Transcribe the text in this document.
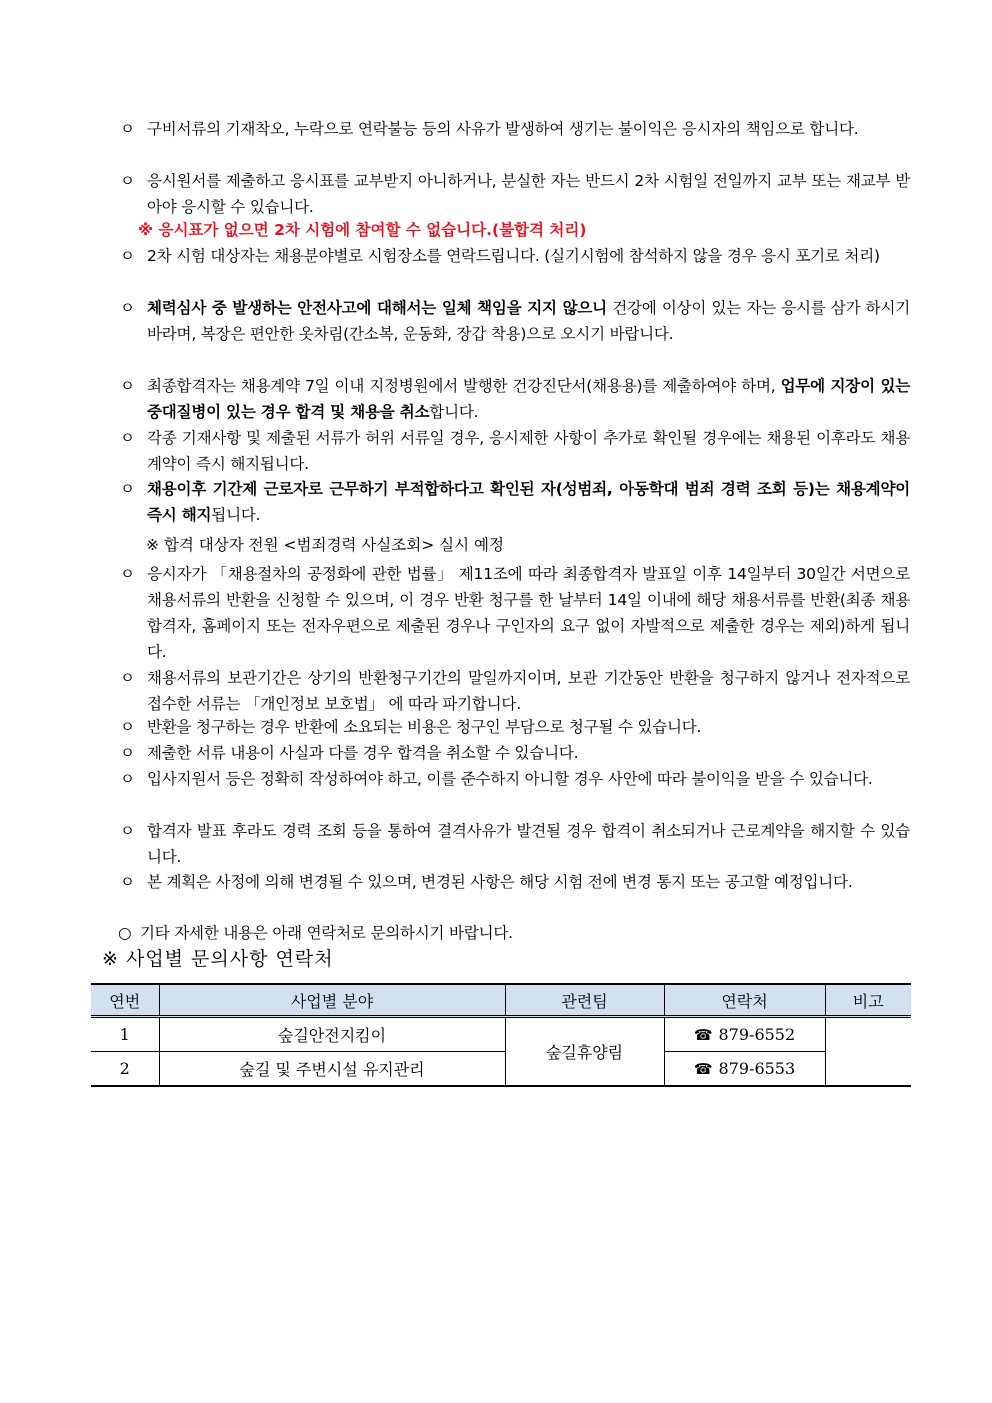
ㅇ 구비서류의 기재착오, 누락으로 연락불능 등의 사유가 발생하여 생기는 불이익은 응시자의 책임으로 합니다.
ㅇ 응시원서를 제출하고 응시표를 교부받지 아니하거나, 분실한 자는 반드시 2차 시험일 전일까지 교부 또는 재교부 받아야 응시할 수 있습니다.
※ 응시표가 없으면 2차 시험에 참여할 수 없습니다.(불합격 처리)
ㅇ 2차 시험 대상자는 채용분야별로 시험장소를 연락드립니다. (실기시험에 참석하지 않을 경우 응시 포기로 처리)
ㅇ 체력심사 중 발생하는 안전사고에 대해서는 일체 책임을 지지 않으니 건강에 이상이 있는 자는 응시를 삼가 하시기 바라며, 복장은 편안한 옷차림(간소복, 운동화, 장갑 착용)으로 오시기 바랍니다.
ㅇ 최종합격자는 채용계약 7일 이내 지정병원에서 발행한 건강진단서(채용용)를 제출하여야 하며, 업무에 지장이 있는 중대질병이 있는 경우 합격 및 채용을 취소합니다.
ㅇ 각종 기재사항 및 제출된 서류가 허위 서류일 경우, 응시제한 사항이 추가로 확인될 경우에는 채용된 이후라도 채용계약이 즉시 해지됩니다.
ㅇ 채용이후 기간제 근로자로 근무하기 부적합하다고 확인된 자(성범죄, 아동학대 범죄 경력 조회 등)는 채용계약이 즉시 해지됩니다.
※ 합격 대상자 전원 <범죄경력 사실조회> 실시 예정
ㅇ 응시자가 「채용절차의 공정화에 관한 법률」 제11조에 따라 최종합격자 발표일 이후 14일부터 30일간 서면으로 채용서류의 반환을 신청할 수 있으며, 이 경우 반환 청구를 한 날부터 14일 이내에 해당 채용서류를 반환(최종 채용 합격자, 홈페이지 또는 전자우편으로 제출된 경우나 구인자의 요구 없이 자발적으로 제출한 경우는 제외)하게 됩니다.
ㅇ 채용서류의 보관기간은 상기의 반환청구기간의 말일까지이며, 보관 기간동안 반환을 청구하지 않거나 전자적으로 접수한 서류는 「개인정보 보호법」 에 따라 파기합니다.
ㅇ 반환을 청구하는 경우 반환에 소요되는 비용은 청구인 부담으로 청구될 수 있습니다.
ㅇ 제출한 서류 내용이 사실과 다를 경우 합격을 취소할 수 있습니다.
ㅇ 입사지원서 등은 정확히 작성하여야 하고, 이를 준수하지 아니할 경우 사안에 따라 불이익을 받을 수 있습니다.
ㅇ 합격자 발표 후라도 경력 조회 등을 통하여 결격사유가 발견될 경우 합격이 취소되거나 근로계약을 해지할 수 있습니다.
ㅇ 본 계획은 사정에 의해 변경될 수 있으며, 변경된 사항은 해당 시험 전에 변경 통지 또는 공고할 예정입니다.
○ 기타 자세한 내용은 아래 연락처로 문의하시기 바랍니다.
※ 사업별 문의사항 연락처
연번	사업별 분야	관련팀	연락처	비고
1	숲길안전지킴이	숲길휴양림	☎ 879-6552	
2	숲길 및 주변시설 유지관리		☎ 879-6553	
